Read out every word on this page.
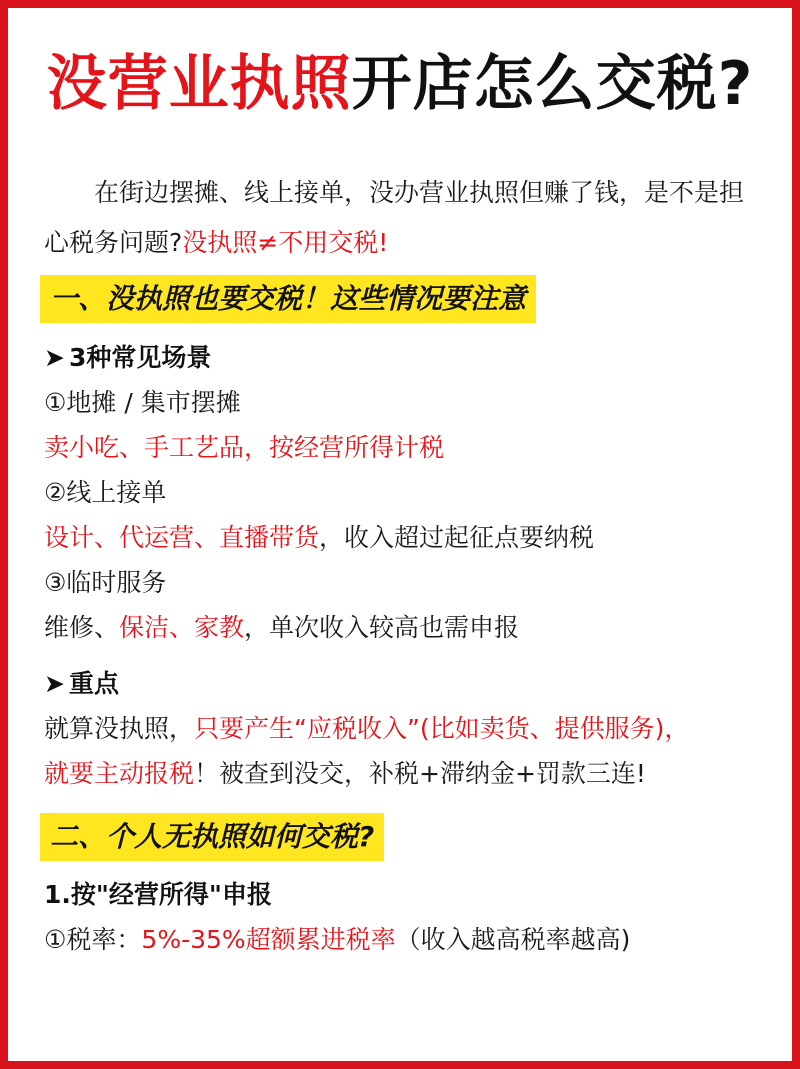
没营业执照开店怎么交税?
在街边摆摊、线上接单，没办营业执照但赚了钱，是不是担心税务问题?没执照≠不用交税!
一、没执照也要交税！这些情况要注意
➤ 3种常见场景
①地摊 / 集市摆摊
卖小吃、手工艺品，按经营所得计税
②线上接单
设计、代运营、直播带货，收入超过起征点要纳税
③临时服务
维修、保洁、家教，单次收入较高也需申报
➤ 重点
就算没执照，只要产生“应税收入”(比如卖货、提供服务)，
就要主动报税！被查到没交，补税+滞纳金+罚款三连!
二、个人无执照如何交税?
1.按"经营所得"申报
①税率：5%-35%超额累进税率（收入越高税率越高)
